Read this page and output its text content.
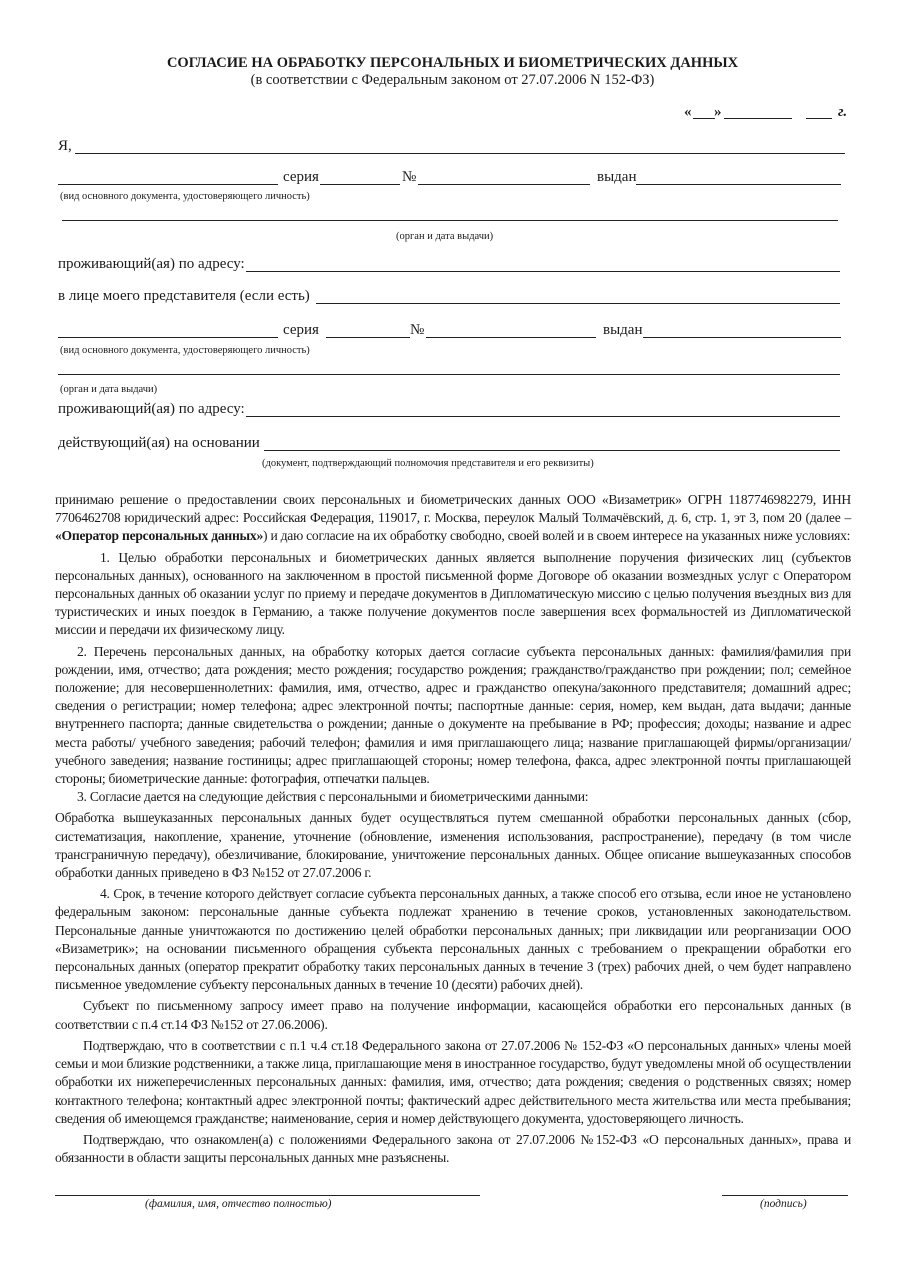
СОГЛАСИЕ НА ОБРАБОТКУ ПЕРСОНАЛЬНЫХ И БИОМЕТРИЧЕСКИХ ДАННЫХ
(в соответствии с Федеральным законом от 27.07.2006 N 152-ФЗ)
« »	г.
Я,
серия	№	выдан
(вид основного документа, удостоверяющего личность)
(орган и дата выдачи)
проживающий(ая) по адресу:
в лице моего представителя (если есть)
серия	№	выдан
(вид основного документа, удостоверяющего личность)
(орган и дата выдачи)
проживающий(ая) по адресу:
действующий(ая) на основании
(документ, подтверждающий полномочия представителя и его реквизиты)

принимаю решение о предоставлении своих персональных и биометрических данных ООО «Визаметрик» ОГРН 1187746982279, ИНН 7706462708 юридический адрес: Российская Федерация, 119017, г. Москва, переулок Малый Толмачёвский, д. 6, стр. 1, эт 3, пом 20 (далее – «Оператор персональных данных») и даю согласие на их обработку свободно, своей волей и в своем интересе на указанных ниже условиях:

1. Целью обработки персональных и биометрических данных является выполнение поручения физических лиц (субъектов персональных данных), основанного на заключенном в простой письменной форме Договоре об оказании возмездных услуг с Оператором персональных данных об оказании услуг по приему и передаче документов в Дипломатическую миссию с целью получения въездных виз для туристических и иных поездок в Германию, а также получение документов после завершения всех формальностей из Дипломатической миссии и передачи их физическому лицу.

2. Перечень персональных данных, на обработку которых дается согласие субъекта персональных данных: фамилия/фамилия при рождении, имя, отчество; дата рождения; место рождения; государство рождения; гражданство/гражданство при рождении; пол; семейное положение; для несовершеннолетних: фамилия, имя, отчество, адрес и гражданство опекуна/законного представителя; домашний адрес; сведения о регистрации; номер телефона; адрес электронной почты; паспортные данные: серия, номер, кем выдан, дата выдачи; данные внутреннего паспорта; данные свидетельства о рождении; данные о документе на пребывание в РФ; профессия; доходы; название и адрес места работы/ учебного заведения; рабочий телефон; фамилия и имя приглашающего лица; название приглашающей фирмы/организации/учебного заведения; название гостиницы; адрес приглашающей стороны; номер телефона, факса, адрес электронной почты приглашающей стороны; биометрические данные: фотография, отпечатки пальцев.

3. Согласие дается на следующие действия с персональными и биометрическими данными:

Обработка вышеуказанных персональных данных будет осуществляться путем смешанной обработки персональных данных (сбор, систематизация, накопление, хранение, уточнение (обновление, изменения использования, распространение), передачу (в том числе трансграничную передачу), обезличивание, блокирование, уничтожение персональных данных. Общее описание вышеуказанных способов обработки данных приведено в ФЗ №152 от 27.07.2006 г.

4. Срок, в течение которого действует согласие субъекта персональных данных, а также способ его отзыва, если иное не установлено федеральным законом: персональные данные субъекта подлежат хранению в течение сроков, установленных законодательством. Персональные данные уничтожаются по достижению целей обработки персональных данных; при ликвидации или реорганизации ООО «Визаметрик»; на основании письменного обращения субъекта персональных данных с требованием о прекращении обработки его персональных данных (оператор прекратит обработку таких персональных данных в течение 3 (трех) рабочих дней, о чем будет направлено письменное уведомление субъекту персональных данных в течение 10 (десяти) рабочих дней).

Субъект по письменному запросу имеет право на получение информации, касающейся обработки его персональных данных (в соответствии с п.4 ст.14 ФЗ №152 от 27.06.2006).

Подтверждаю, что в соответствии с п.1 ч.4 ст.18 Федерального закона от 27.07.2006 № 152-ФЗ «О персональных данных» члены моей семьи и мои близкие родственники, а также лица, приглашающие меня в иностранное государство, будут уведомлены мной об осуществлении обработки их нижеперечисленных персональных данных: фамилия, имя, отчество; дата рождения; сведения о родственных связях; номер контактного телефона; контактный адрес электронной почты; фактический адрес действительного места жительства или места пребывания; сведения об имеющемся гражданстве; наименование, серия и номер действующего документа, удостоверяющего личность.

Подтверждаю, что ознакомлен(а) с положениями Федерального закона от 27.07.2006 №152-ФЗ «О персональных данных», права и обязанности в области защиты персональных данных мне разъяснены.

(фамилия, имя, отчество полностью)	(подпись)
